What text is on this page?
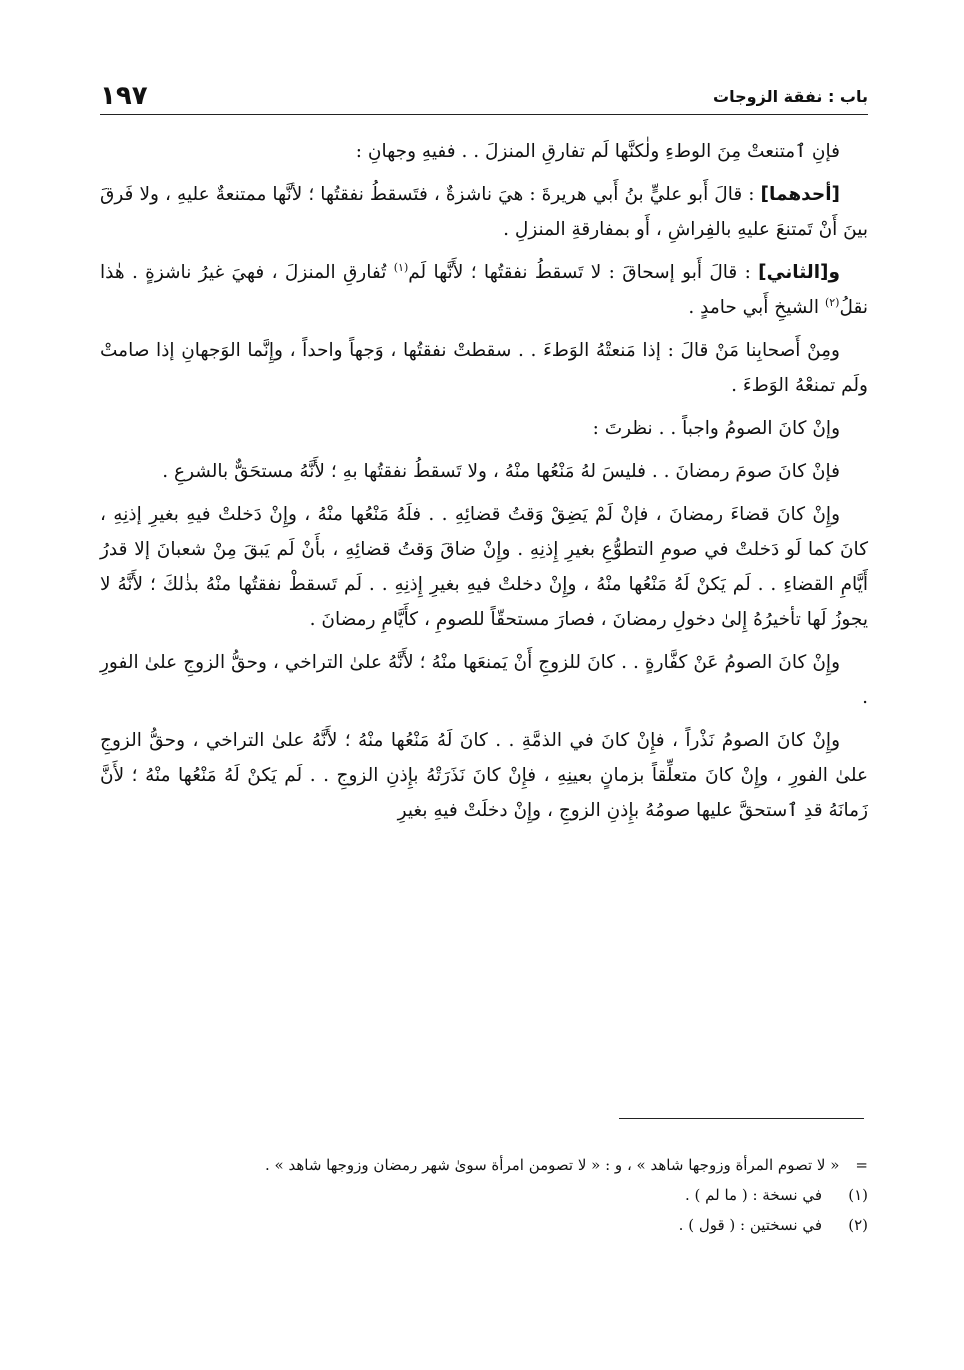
١٩٧	باب : نفقة الزوجات

فإنِ ٱمتنعتْ مِنَ الوطءِ ولٰكنَّها لَم تفارقِ المنزلَ . . ففيهِ وجهانِ :

[أحدهما] : قالَ أَبو عليٍّ بنُ أَبي هريرةَ : هيَ ناشزةٌ ، فتَسقطُ نفقتُها ؛ لأنَّها ممتنعةٌ عليهِ ، ولا فَرقَ بينَ أَنْ تَمتنعَ عليهِ بالفِراشِ ، أَو بمفارقةِ المنزلِ .

و[الثاني] : قالَ أَبو إسحاقَ : لا تَسقطُ نفقتُها ؛ لأَنَّها لَم$^{(١)}$ تُفارقِ المنزلَ ، فهيَ غيرُ ناشزةٍ . هٰذا نقلُ$^{(٢)}$ الشيخِ أَبي حامدٍ .

ومِنْ أَصحابِنا مَنْ قالَ : إذا مَنعتْهُ الوَطءَ . . سقطتْ نفقتُها ، وَجهاً واحداً ، وإِنَّما الوَجهانِ إذا صامتْ ولَم تمنعْهُ الوَطءَ .

وإنْ كانَ الصومُ واجباً . . نظرتَ :

فإنْ كانَ صومَ رمضانَ . . فليسَ لهُ مَنْعُها منْهُ ، ولا تَسقطُ نفقتُها بهِ ؛ لأَنَّهُ مستحَقٌّ بالشرعِ .

وإِنْ كانَ قضاءَ رمضانَ ، فإنْ لَمْ يَضِقْ وَقتُ قضائِهِ . . فلَهُ مَنْعُها منْهُ ، وإِنْ دَخلتْ فيهِ بغيرِ إذنِهِ ، كانَ كما لَو دَخلتْ في صومِ التطوُّعِ بغيرِ إِذنِهِ . وإِنْ ضاقَ وَقتُ قضائِهِ ، بأَنْ لَم يَبقَ مِنْ شعبانَ إلا قدرُ أَيَّامِ القضاءِ . . لَم يَكنْ لَهُ مَنْعُها منْهُ ، وإِنْ دخلتْ فيهِ بغيرِ إِذنِهِ . . لَم تَسقطْ نفقتُها منْهُ بذٰلكَ ؛ لأَنَّهُ لا يجوزُ لَها تأخيرُهُ إِلىٰ دخولِ رمضانَ ، فصارَ مستحقّاً للصومِ ، كأَيَّامِ رمضانَ .

وإِنْ كانَ الصومُ عَنْ كفَّارةٍ . . كانَ للزوجِ أَنْ يَمنعَها منْهُ ؛ لأَنَّهُ علىٰ التراخي ، وحقُّ الزوجِ علىٰ الفورِ .

وإِنْ كانَ الصومُ نَذْراً ، فإِنْ كانَ في الذمَّةِ . . كانَ لَهُ مَنْعُها منْهُ ؛ لأَنَّهُ علىٰ التراخي ، وحقُّ الزوجِ علىٰ الفورِ ، وإِنْ كانَ متعلِّقاً بزمانٍ بعينِهِ ، فإِنْ كانَ نَذَرَتْهُ بإِذنِ الزوجِ . . لَم يَكنْ لَهُ مَنْعُها منْهُ ؛ لأَنَّ زَمانَهُ قدِ ٱستحقَّ عليها صومُهُ بإِذنِ الزوجِ ، وإِنْ دخلَتْ فيهِ بغيرِ

=
« لا تصوم المرأة وزوجها شاهد » ، و : « لا تصومن امرأة سوىٰ شهر رمضان وزوجها شاهد » .
(١)في نسخة : ( ما لم ) .
(٢)في نسختين : ( قول ) .
